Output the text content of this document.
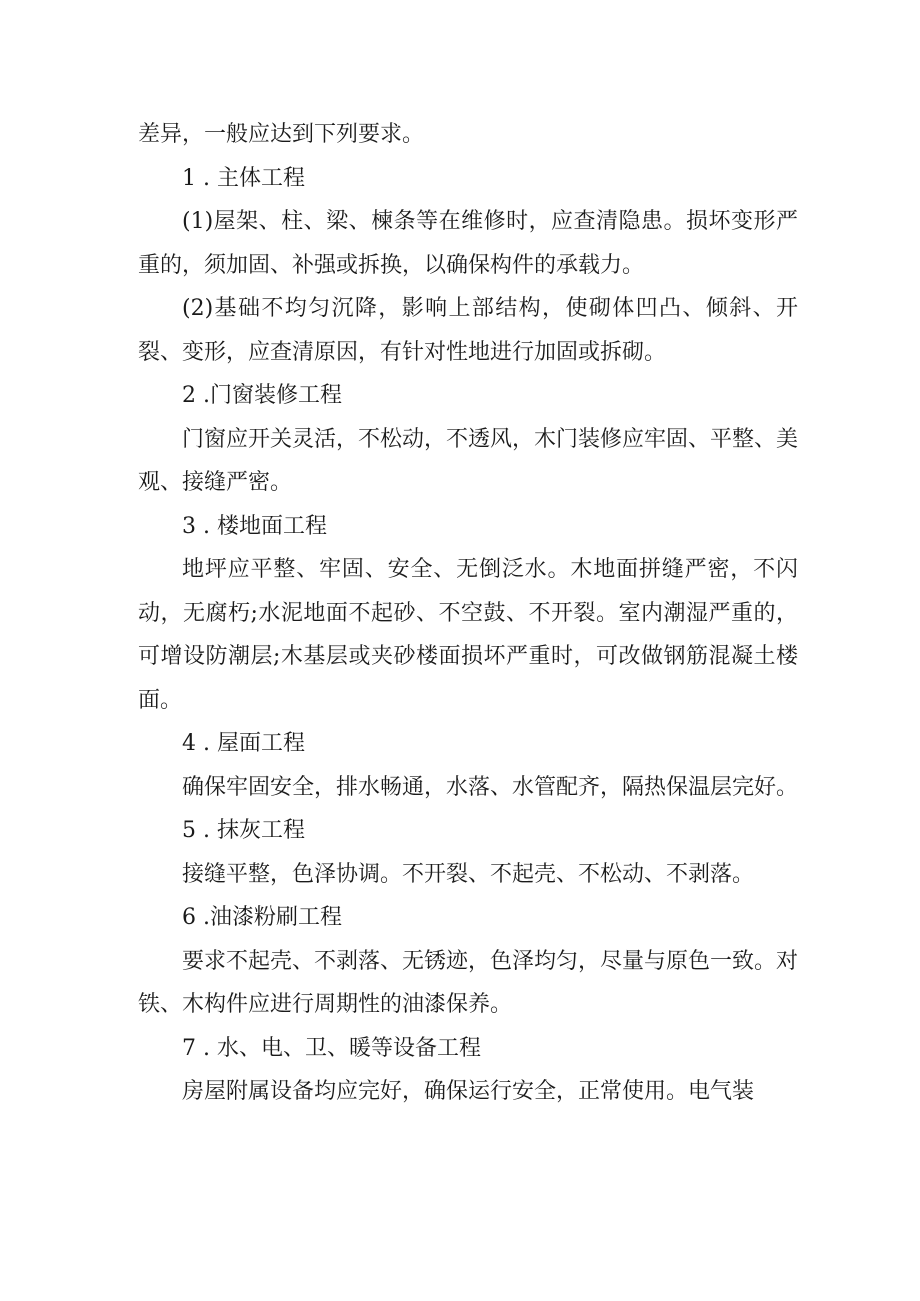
差异，一般应达到下列要求。

1 . 主体工程

(1)屋架、柱、梁、楝条等在维修时，应查清隐患。损坏变形严重的，须加固、补强或拆换，以确保构件的承载力。

(2)基础不均匀沉降，影响上部结构，使砌体凹凸、倾斜、开裂、变形，应查清原因，有针对性地进行加固或拆砌。

2 .门窗装修工程

门窗应开关灵活，不松动，不透风，木门装修应牢固、平整、美观、接缝严密。

3 . 楼地面工程

地坪应平整、牢固、安全、无倒泛水。木地面拼缝严密，不闪动，无腐朽;水泥地面不起砂、不空鼓、不开裂。室内潮湿严重的，可增设防潮层;木基层或夹砂楼面损坏严重时，可改做钢筋混凝土楼面。

4 . 屋面工程

确保牢固安全，排水畅通，水落、水管配齐，隔热保温层完好。

5 . 抹灰工程

接缝平整，色泽协调。不开裂、不起壳、不松动、不剥落。

6 .油漆粉刷工程

要求不起壳、不剥落、无锈迹，色泽均匀，尽量与原色一致。对铁、木构件应进行周期性的油漆保养。

7 . 水、电、卫、暖等设备工程

房屋附属设备均应完好，确保运行安全，正常使用。电气装
